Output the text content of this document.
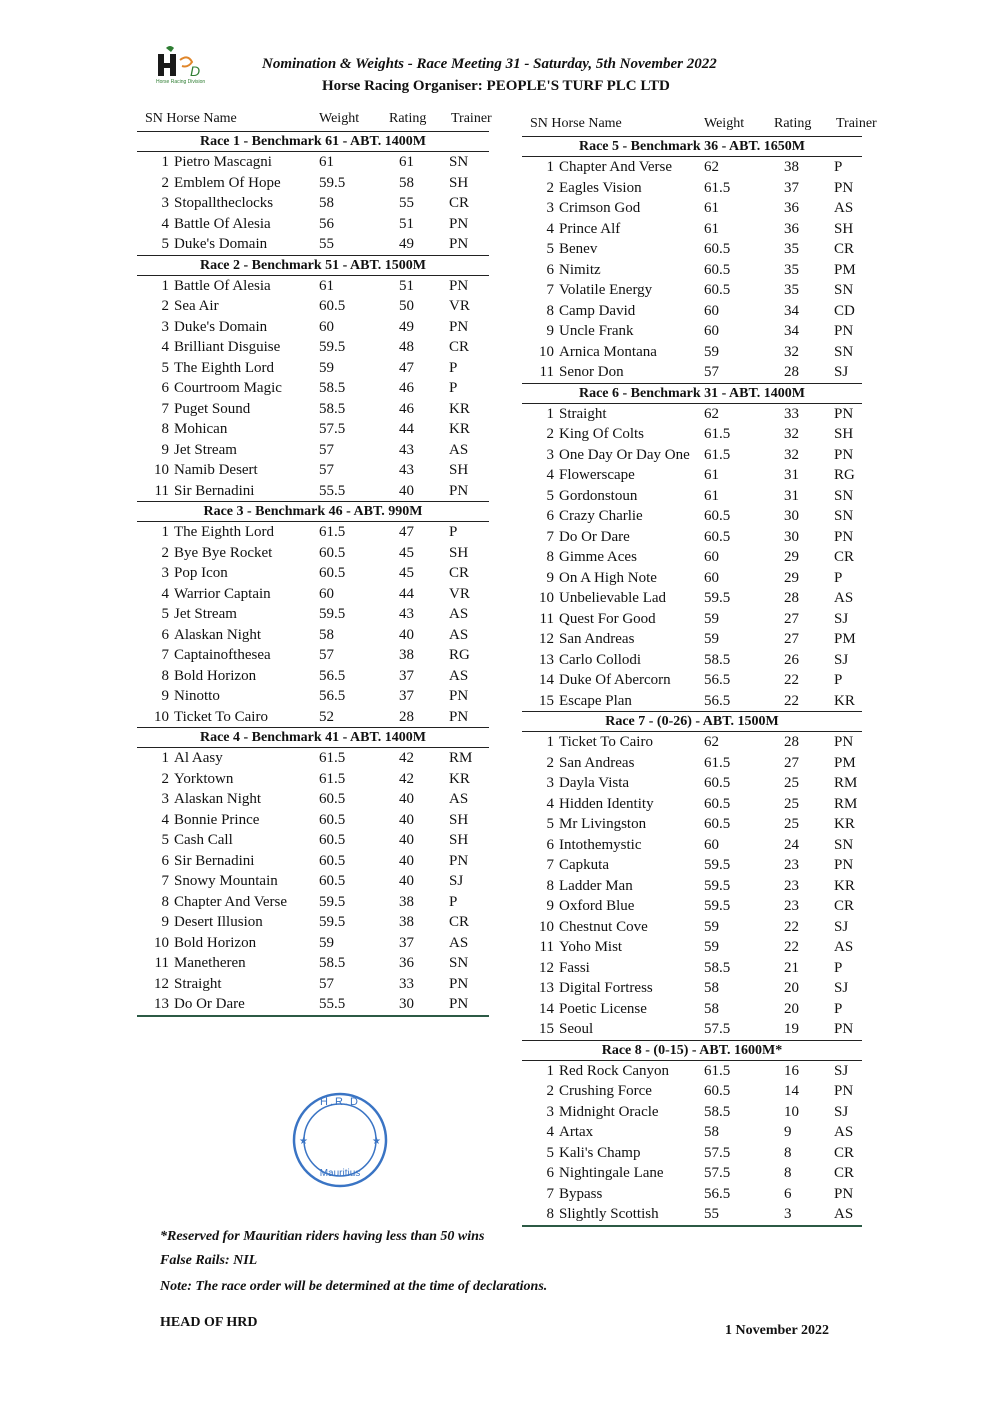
D
Horse Racing Division
Nomination & Weights - Race Meeting 31 - Saturday, 5th November 2022
Horse Racing Organiser: PEOPLE'S TURF PLC LTD
SN Horse Name	Weight Rating Trainer
Race 1 - Benchmark 61 - ABT. 1400M
1 Pietro Mascagni	61	61 SN
2 Emblem Of Hope	59.5	58 SH
3 Stopalltheclocks	58	55 CR
4 Battle Of Alesia	56	51 PN
5 Duke's Domain	55	49 PN
Race 2 - Benchmark 51 - ABT. 1500M
1 Battle Of Alesia	61	51 PN
2 Sea Air	60.5	50 VR
3 Duke's Domain	60	49 PN
4 Brilliant Disguise	59.5	48 CR
5 The Eighth Lord	59	47 P
6 Courtroom Magic 58.5	46 P
7 Puget Sound	58.5	46 KR
8 Mohican	57.5	44 KR
9 Jet Stream	57	43 AS
10 Namib Desert	57	43 SH
11 Sir Bernadini	55.5	40 PN
Race 3 - Benchmark 46 - ABT. 990M
1 The Eighth Lord	61.5	47 P
2 Bye Bye Rocket	60.5	45 SH
3 Pop Icon	60.5	45 CR
4 Warrior Captain	60	44 VR
5 Jet Stream	59.5	43 AS
6 Alaskan Night	58	40 AS
7 Captainofthesea	57	38 RG
8 Bold Horizon	56.5	37 AS
9 Ninotto	56.5	37 PN
10 Ticket To Cairo	52	28 PN
Race 4 - Benchmark 41 - ABT. 1400M
1 Al Aasy	61.5	42 RM
2 Yorktown	61.5	42 KR
3 Alaskan Night	60.5	40 AS
4 Bonnie Prince	60.5	40 SH
5 Cash Call	60.5	40 SH
6 Sir Bernadini	60.5	40 PN
7 Snowy Mountain	60.5	40 SJ
8 Chapter And Verse 59.5	38 P
9 Desert Illusion	59.5	38 CR
10 Bold Horizon	59	37 AS
11 Manetheren	58.5	36 SN
12 Straight	57	33 PN
13 Do Or Dare	55.5	30 PN
SN Horse Name	Weight Rating Trainer
Race 5 - Benchmark 36 - ABT. 1650M
1 Chapter And Verse 62	38 P
2 Eagles Vision	61.5	37 PN
3 Crimson God	61	36 AS
4 Prince Alf	61	36 SH
5 Benev	60.5	35 CR
6 Nimitz	60.5	35 PM
7 Volatile Energy	60.5	35 SN
8 Camp David	60	34 CD
9 Uncle Frank	60	34 PN
10 Arnica Montana	59	32 SN
11 Senor Don	57	28 SJ
Race 6 - Benchmark 31 - ABT. 1400M
1 Straight	62	33 PN
2 King Of Colts	61.5	32 SH
3 One Day Or Day One 61.5	32 PN
4 Flowerscape	61	31 RG
5 Gordonstoun	61	31 SN
6 Crazy Charlie	60.5	30 SN
7 Do Or Dare	60.5	30 PN
8 Gimme Aces	60	29 CR
9 On A High Note	60	29 P
10 Unbelievable Lad	59.5	28 AS
11 Quest For Good	59	27 SJ
12 San Andreas	59	27 PM
13 Carlo Collodi	58.5	26 SJ
14 Duke Of Abercorn 56.5	22 P
15 Escape Plan	56.5	22 KR
Race 7 - (0-26) - ABT. 1500M
1 Ticket To Cairo	62	28 PN
2 San Andreas	61.5	27 PM
3 Dayla Vista	60.5	25 RM
4 Hidden Identity	60.5	25 RM
5 Mr Livingston	60.5	25 KR
6 Intothemystic	60	24 SN
7 Capkuta	59.5	23 PN
8 Ladder Man	59.5	23 KR
9 Oxford Blue	59.5	23 CR
10 Chestnut Cove	59	22 SJ
11 Yoho Mist	59	22 AS
12 Fassi	58.5	21 P
13 Digital Fortress	58	20 SJ
14 Poetic License	58	20 P
15 Seoul	57.5	19 PN
Race 8 - (0-15) - ABT. 1600M*
1 Red Rock Canyon 61.5	16 SJ
2 Crushing Force	60.5	14 PN
3 Midnight Oracle	58.5	10 SJ
4 Artax	58	9	AS
5 Kali's Champ	57.5	8	CR
6 Nightingale Lane	57.5	8	CR
7 Bypass	56.5	6	PN
8 Slightly Scottish	55	3	AS
★	★
H.R.D
Mauritius
*Reserved for Mauritian riders having less than 50 wins
False Rails: NIL
Note: The race order will be determined at the time of declarations.
HEAD OF HRD
1 November 2022
